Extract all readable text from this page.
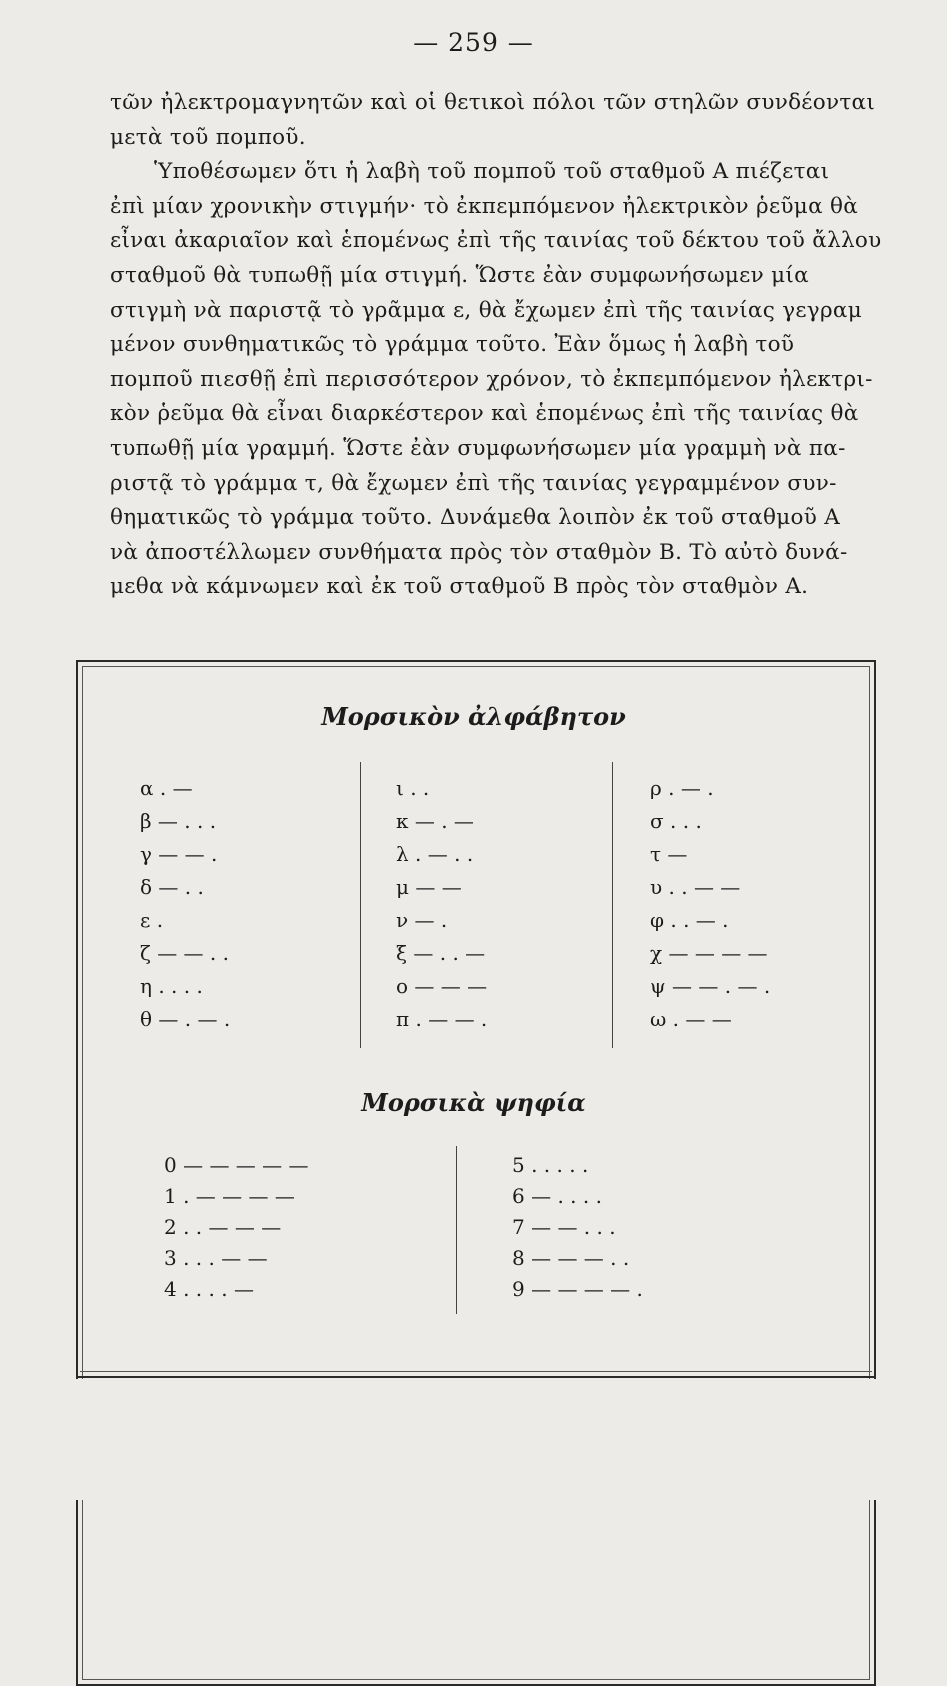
— 259 —
τῶν ἠλεκτρομαγνητῶν καὶ οἱ θετικοὶ πόλοι τῶν στηλῶν συνδέονται
μετὰ τοῦ πομποῦ.
Ὑποθέσωμεν ὅτι ἡ λαβὴ τοῦ πομποῦ τοῦ σταθμοῦ Α πιέζεται
ἐπὶ μίαν χρονικὴν στιγμήν· τὸ ἐκπεμπόμενον ἠλεκτρικὸν ῥεῦμα θὰ
εἶναι ἀκαριαῖον καὶ ἑπομένως ἐπὶ τῆς ταινίας τοῦ δέκτου τοῦ ἄλλου
σταθμοῦ θὰ τυπωθῇ μία στιγμή. Ὥστε ἐὰν συμφωνήσωμεν μία
στιγμὴ νὰ παριστᾷ τὸ γρᾶμμα ε, θὰ ἔχωμεν ἐπὶ τῆς ταινίας γεγραμ
μένον συνθηματικῶς τὸ γράμμα τοῦτο. Ἐὰν ὅμως ἡ λαβὴ τοῦ
πομποῦ πιεσθῇ ἐπὶ περισσότερον χρόνον, τὸ ἐκπεμπόμενον ἠλεκτρι-
κὸν ῥεῦμα θὰ εἶναι διαρκέστερον καὶ ἑπομένως ἐπὶ τῆς ταινίας θὰ
τυπωθῇ μία γραμμή. Ὥστε ἐὰν συμφωνήσωμεν μία γραμμὴ νὰ πα-
ριστᾷ τὸ γράμμα τ, θὰ ἔχωμεν ἐπὶ τῆς ταινίας γεγραμμένον συν-
θηματικῶς τὸ γράμμα τοῦτο. Δυνάμεθα λοιπὸν ἐκ τοῦ σταθμοῦ Α
νὰ ἀποστέλλωμεν συνθήματα πρὸς τὸν σταθμὸν Β. Τὸ αὐτὸ δυνά-
μεθα νὰ κάμνωμεν καὶ ἐκ τοῦ σταθμοῦ Β πρὸς τὸν σταθμὸν Α.
Μορσικὸν ἀλφάβητον
α . —
β — . . .
γ — — .
δ — . .
ε .
ζ — — . .
η . . . .
θ — . — .
ι . .
κ — . —
λ . — . .
μ — —
ν — .
ξ — . . —
ο — — —
π . — — .
ρ . — .
σ . . .
τ —
υ . . — —
φ . . — .
χ — — — —
ψ — — . — .
ω . — —
Μορσικὰ ψηφία
0 — — — — —
1 . — — — —
2 . . — — —
3 . . . — —
4 . . . . —
5 . . . . .
6 — . . . .
7 — — . . .
8 — — — . .
9 — — — — .
